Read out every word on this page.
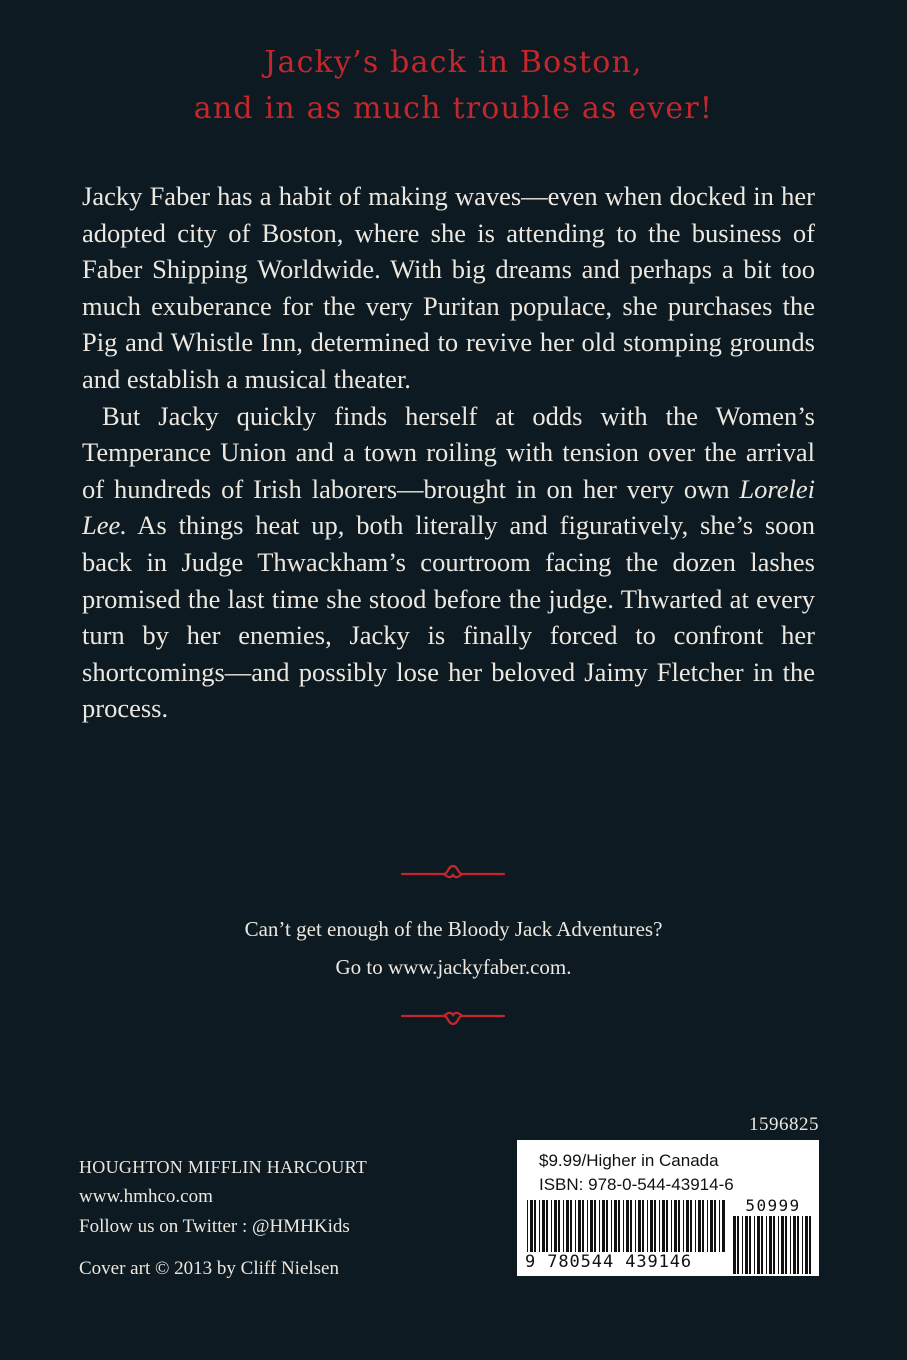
Jacky’s back in Boston,
and in as much trouble as ever!

Jacky Faber has a habit of making waves—even when docked in her adopted city of Boston, where she is attending to the business of Faber Shipping Worldwide. With big dreams and perhaps a bit too much exuberance for the very Puritan populace, she purchases the Pig and Whistle Inn, determined to revive her old stomping grounds and establish a musical theater.

But Jacky quickly finds herself at odds with the Women’s Temperance Union and a town roiling with tension over the arrival of hundreds of Irish laborers—brought in on her very own Lorelei Lee. As things heat up, both literally and figuratively, she’s soon back in Judge Thwackham’s courtroom facing the dozen lashes promised the last time she stood before the judge. Thwarted at every turn by her enemies, Jacky is finally forced to confront her shortcomings—and possibly lose her beloved Jaimy Fletcher in the process.

Can’t get enough of the Bloody Jack Adventures?
Go to www.jackyfaber.com.
HOUGHTON MIFFLIN HARCOURT
www.hmhco.com
Follow us on Twitter : @HMHKids
Cover art © 2013 by Cliff Nielsen
1596825
$9.99/Higher in Canada
ISBN: 978-0-544-43914-6
9 780544 439146
50999
